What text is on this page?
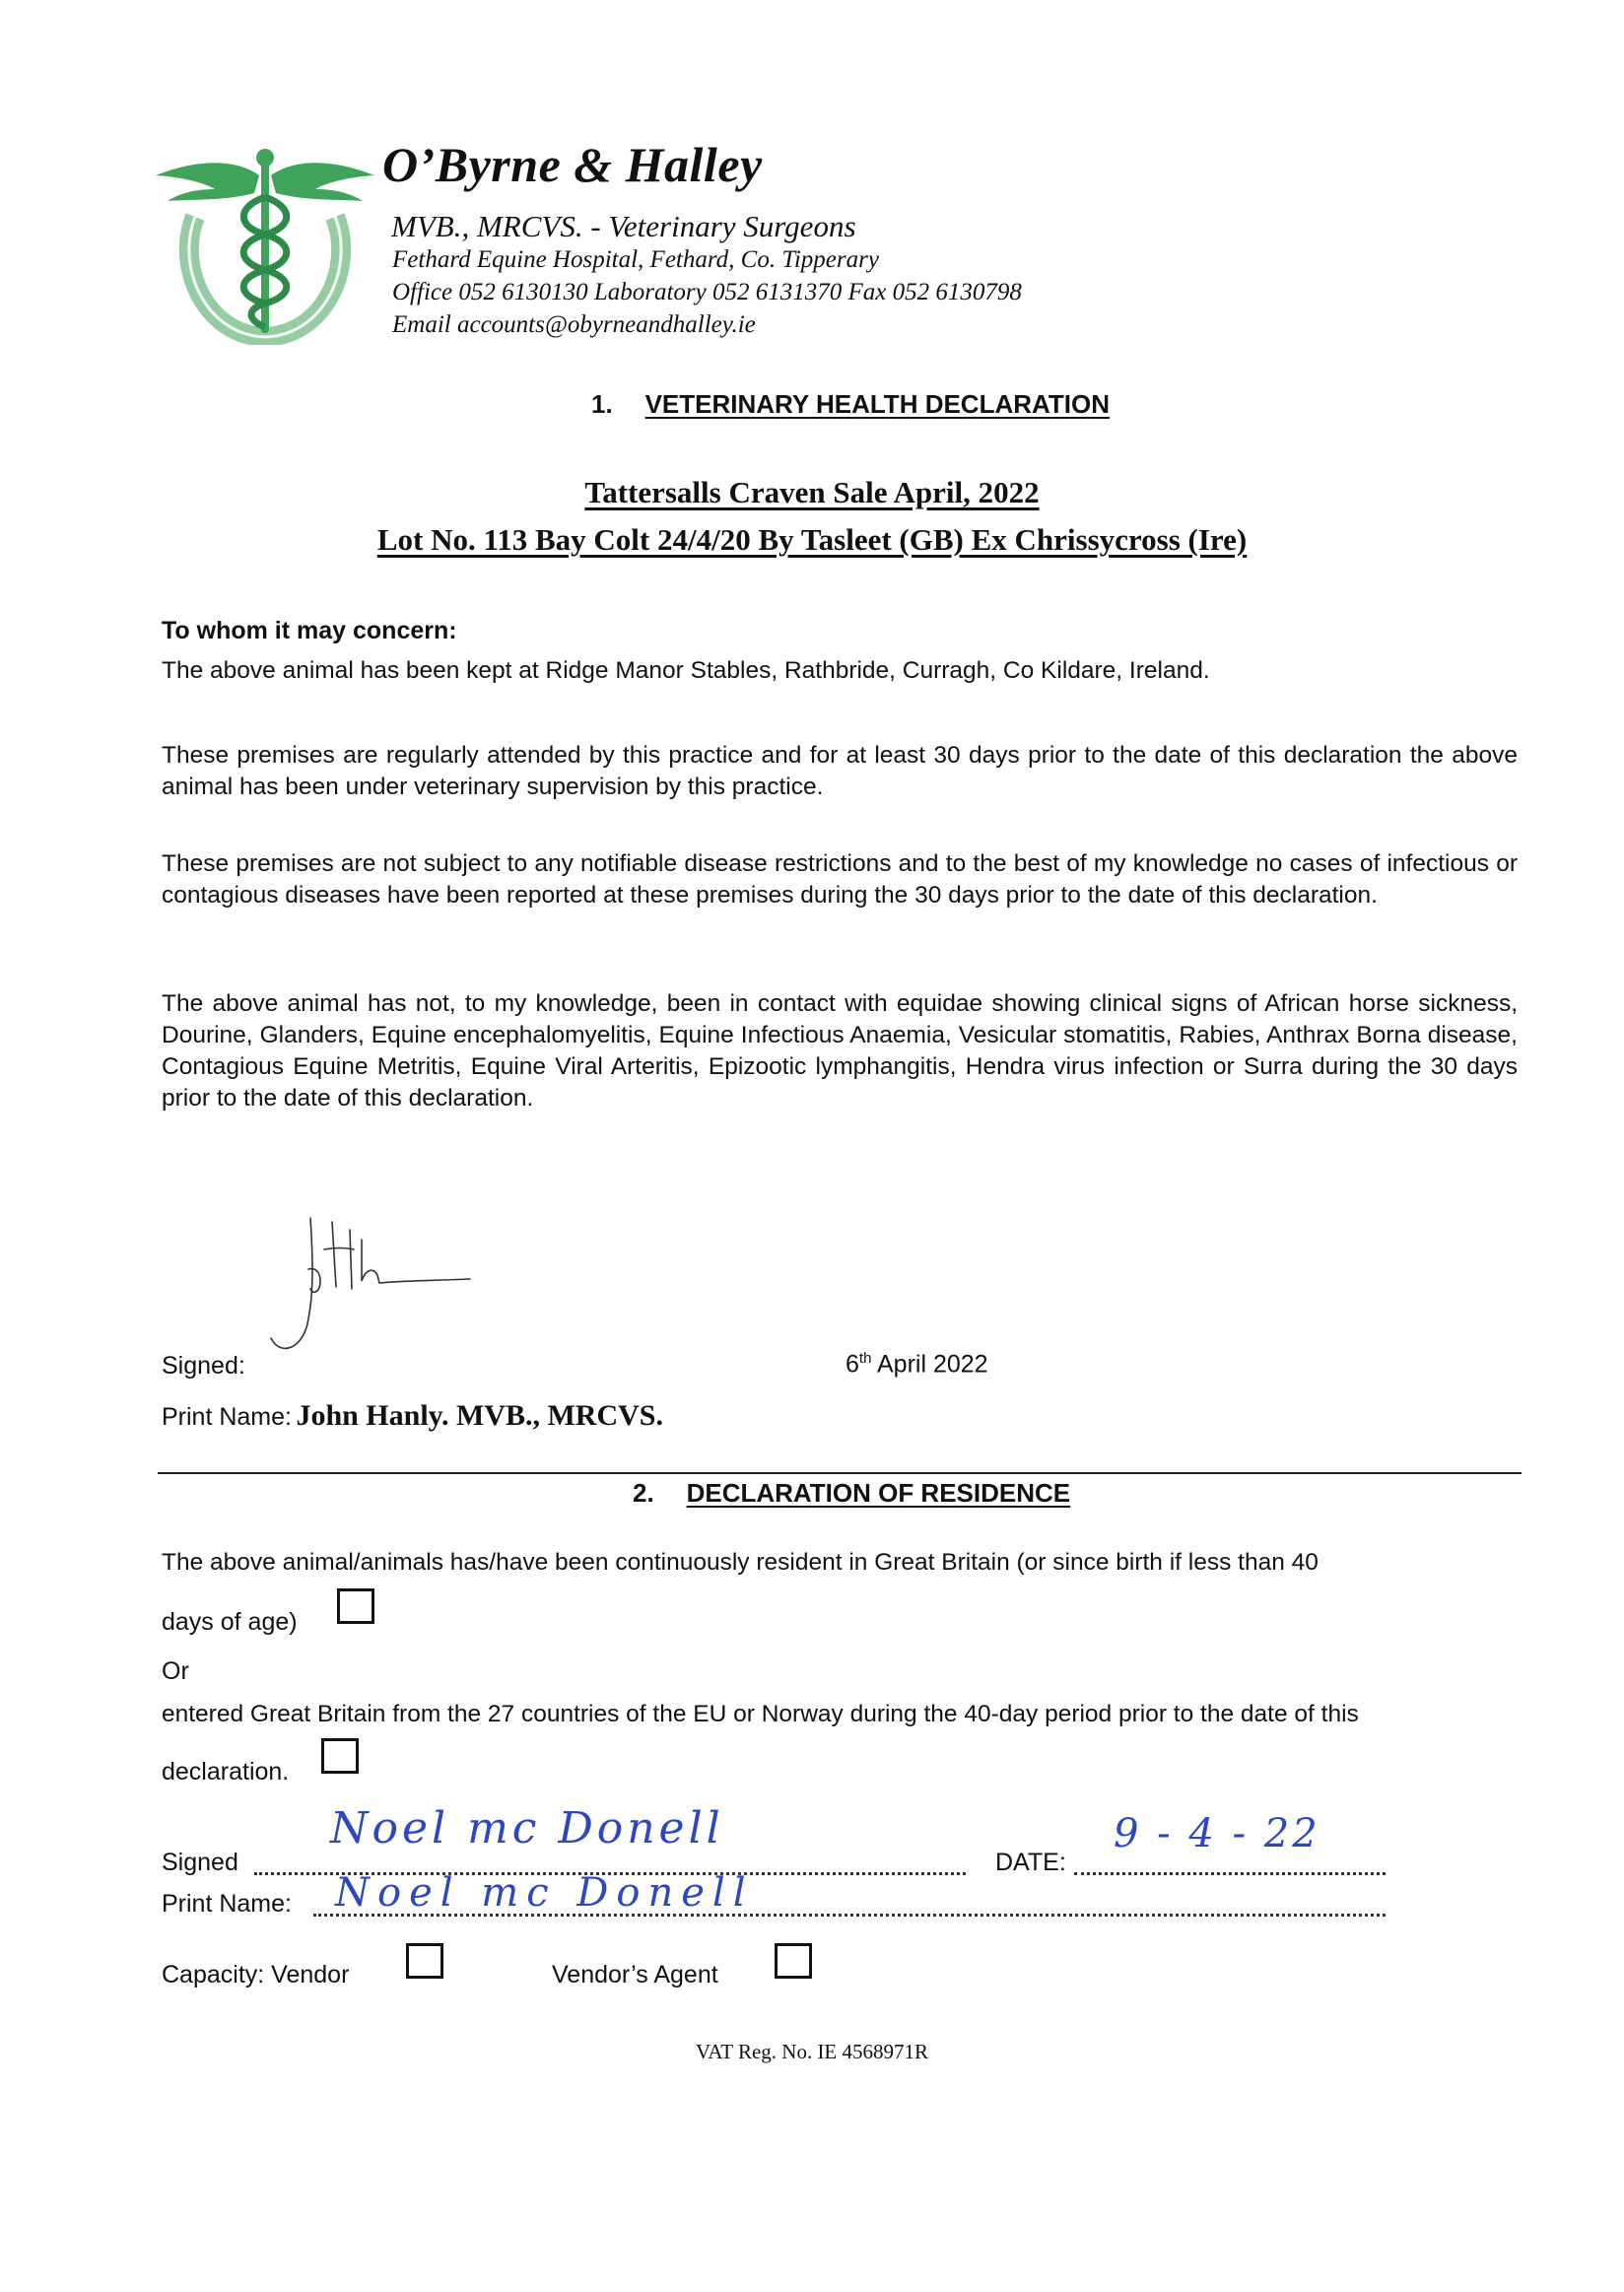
O’Byrne & Halley
MVB., MRCVS. - Veterinary Surgeons
Fethard Equine Hospital, Fethard, Co. Tipperary
Office 052 6130130 Laboratory 052 6131370 Fax 052 6130798
Email accounts@obyrneandhalley.ie
1. VETERINARY HEALTH DECLARATION
Tattersalls Craven Sale April, 2022
Lot No. 113 Bay Colt 24/4/20 By Tasleet (GB) Ex Chrissycross (Ire)
To whom it may concern:
The above animal has been kept at Ridge Manor Stables, Rathbride, Curragh, Co Kildare, Ireland.
These premises are regularly attended by this practice and for at least 30 days prior to the date of this declaration the above animal has been under veterinary supervision by this practice.
These premises are not subject to any notifiable disease restrictions and to the best of my knowledge no cases of infectious or contagious diseases have been reported at these premises during the 30 days prior to the date of this declaration.
The above animal has not, to my knowledge, been in contact with equidae showing clinical signs of African horse sickness, Dourine, Glanders, Equine encephalomyelitis, Equine Infectious Anaemia, Vesicular stomatitis, Rabies, Anthrax Borna disease, Contagious Equine Metritis, Equine Viral Arteritis, Epizootic lymphangitis, Hendra virus infection or Surra during the 30 days prior to the date of this declaration.
Signed:	6th April 2022
Print Name: John Hanly. MVB., MRCVS.
2. DECLARATION OF RESIDENCE
The above animal/animals has/have been continuously resident in Great Britain (or since birth if less than 40
days of age)
Or
entered Great Britain from the 27 countries of the EU or Norway during the 40-day period prior to the date of this
declaration.
Signed
Noel mc Donell
DATE:
9 - 4 - 22
Print Name: Noel mc Donell
Capacity: Vendor	Vendor’s Agent
VAT Reg. No. IE 4568971R
